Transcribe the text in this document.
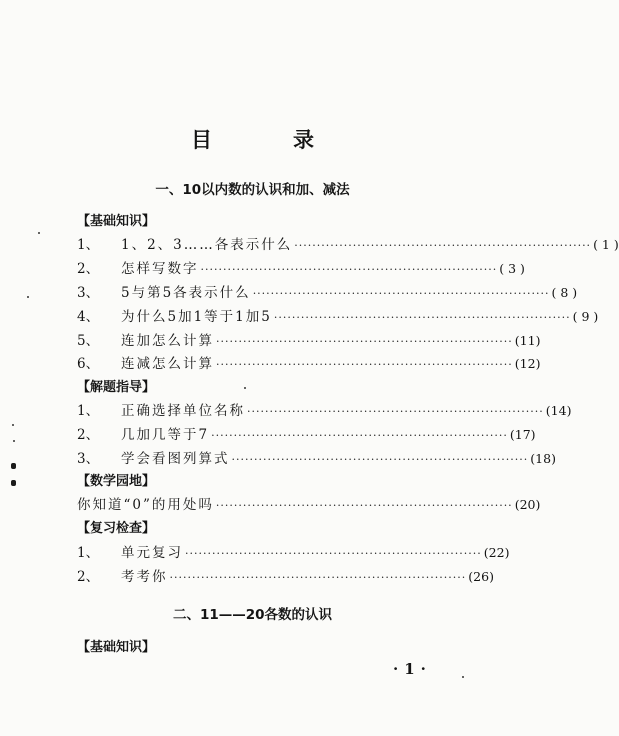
目　录
一、10以内数的认识和加、减法
【基础知识】
1、	1、2、3……各表示什么 ·································································· ( 1 )
2、	怎样写数字 ·································································· ( 3 )
3、	5与第5各表示什么 ·································································· ( 8 )
4、	为什么5加1等于1加5 ·································································· ( 9 )
5、	连加怎么计算 ·································································· (11)
6、	连减怎么计算 ·································································· (12)
【解题指导】
1、	正确选择单位名称 ·································································· (14)
2、	几加几等于7 ·································································· (17)
3、	学会看图列算式 ·································································· (18)
【数学园地】
你知道“0”的用处吗 ·································································· (20)
【复习检查】
1、	单元复习 ·································································· (22)
2、	考考你 ·································································· (26)
二、11——20各数的认识
【基础知识】
·1·
